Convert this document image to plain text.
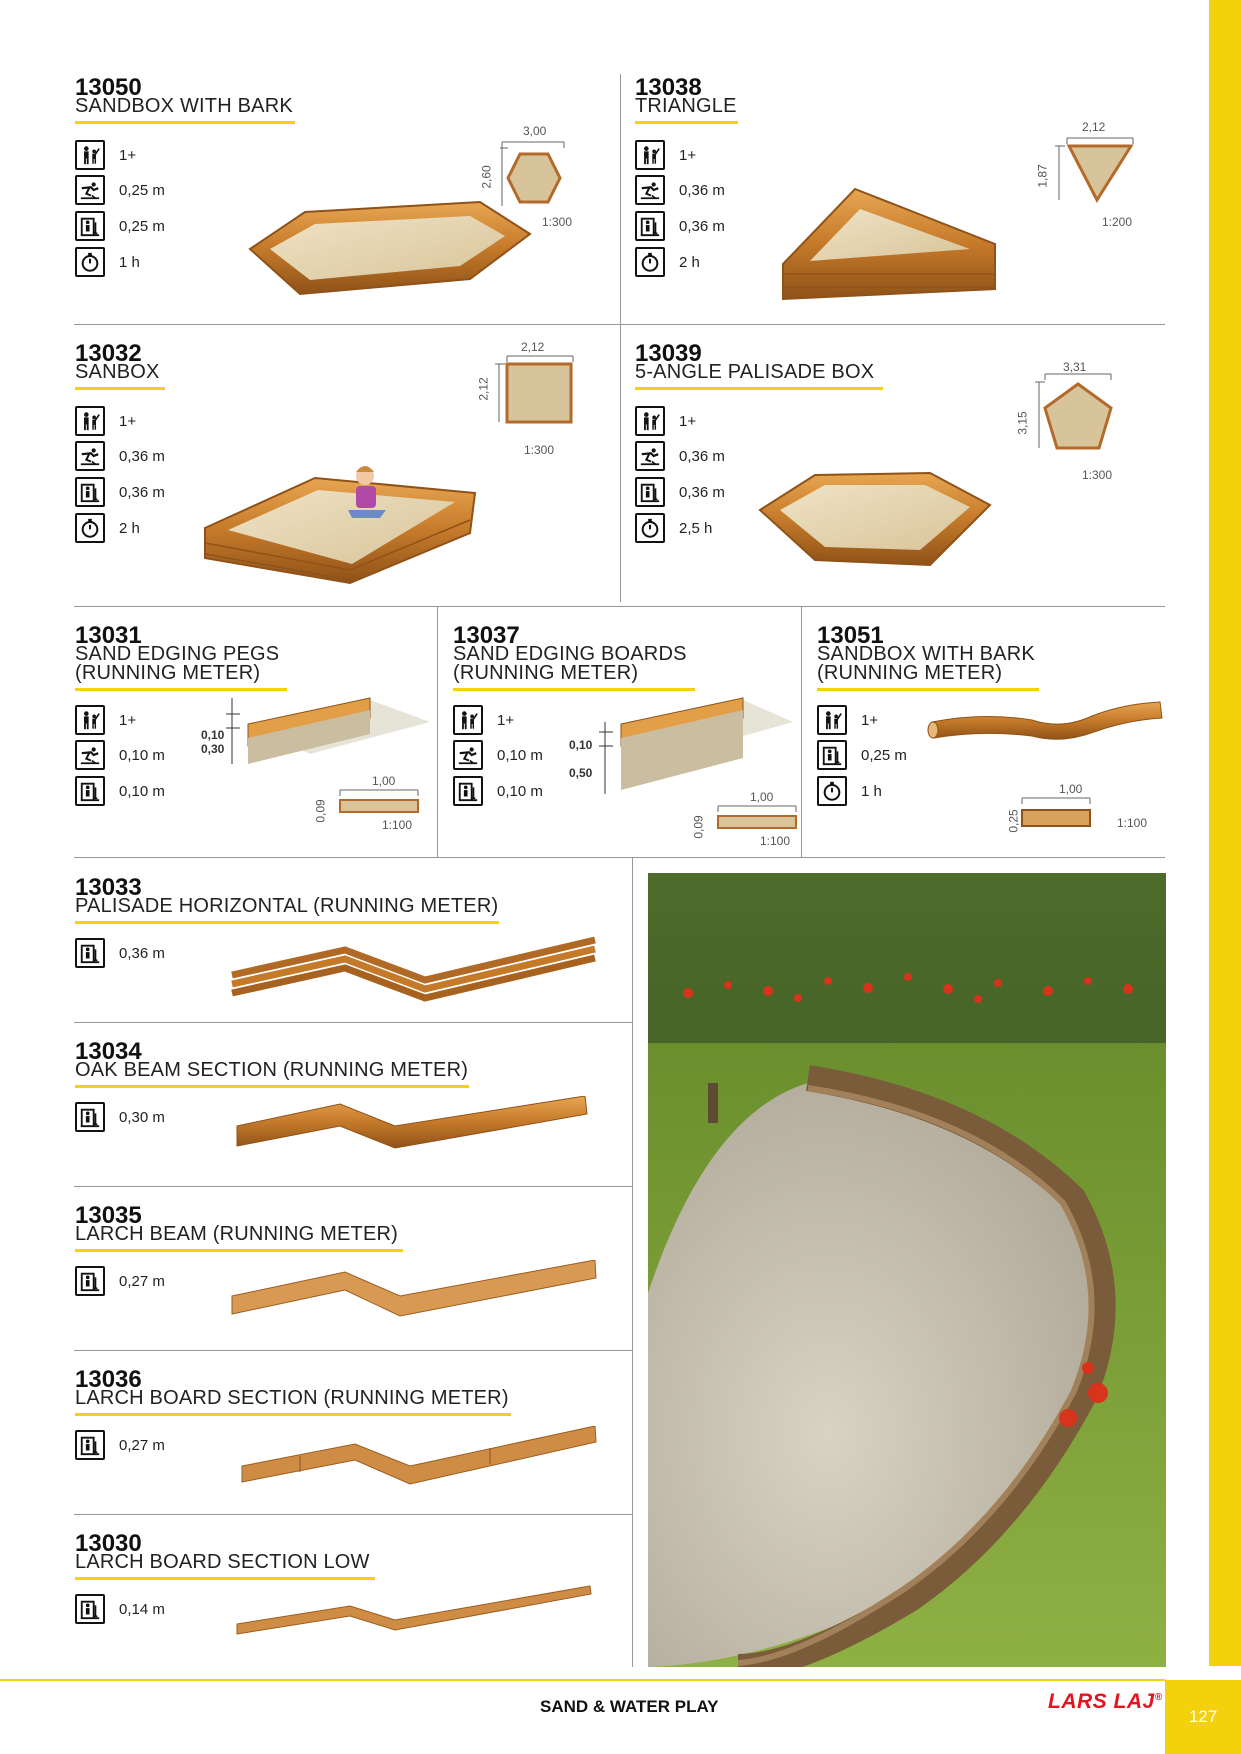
13050
SANDBOX WITH BARK
1+
0,25 m
0,25 m
1 h
3,00
2,60
1:300
13038
TRIANGLE
1+
0,36 m
0,36 m
2 h
2,12
1,87
1:200
13032
SANBOX
1+
0,36 m
0,36 m
2 h
2,12
2,12
1:300
13039
5-ANGLE PALISADE BOX
1+
0,36 m
0,36 m
2,5 h
3,31
3,15
1:300
13031
SAND EDGING PEGS
(RUNNING METER)
1+
0,10 m
0,10 m
0,10
0,30
1,00
0,09
1:100
13037
SAND EDGING BOARDS
(RUNNING METER)
1+
0,10 m
0,10 m
0,10
0,50
1,00
0,09
1:100
13051
SANDBOX WITH BARK
(RUNNING METER)
1+
0,25 m
1 h	1,00
0,25	1:100
13033
PALISADE HORIZONTAL (RUNNING METER)
0,36 m
13034
OAK BEAM SECTION (RUNNING METER)
0,30 m
13035
LARCH BEAM (RUNNING METER)
0,27 m
13036
LARCH BOARD SECTION (RUNNING METER)
0,27 m
13030
LARCH BOARD SECTION LOW
0,14 m
SAND & WATER PLAY	LARS LAJ®
127
